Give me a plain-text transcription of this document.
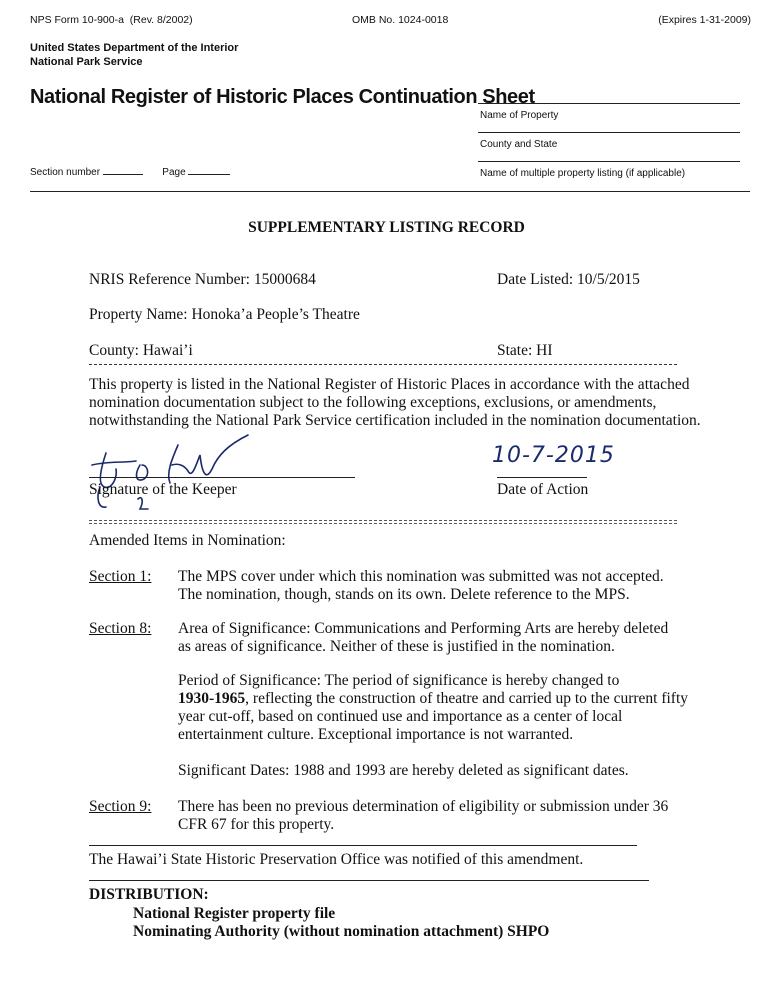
NPS Form 10-900-a (Rev. 8/2002)	OMB No. 1024-0018	(Expires 1-31-2009)
United States Department of the Interior
National Park Service
National Register of Historic Places Continuation Sheet
Name of Property
County and State
Name of multiple property listing (if applicable)
Section number	Page
SUPPLEMENTARY LISTING RECORD
NRIS Reference Number: 15000684	Date Listed: 10/5/2015
Property Name: Honoka’a People’s Theatre
County: Hawai’i	State: HI
This property is listed in the National Register of Historic Places in accordance with the attached
nomination documentation subject to the following exceptions, exclusions, or amendments,
notwithstanding the National Park Service certification included in the nomination documentation.
Signature of the Keeper
10-7-2015
Date of Action
Amended Items in Nomination:
Section 1: The MPS cover under which this nomination was submitted was not accepted.
The nomination, though, stands on its own. Delete reference to the MPS.
Section 8: Area of Significance: Communications and Performing Arts are hereby deleted
as areas of significance. Neither of these is justified in the nomination.
Period of Significance: The period of significance is hereby changed to
1930-1965, reflecting the construction of theatre and carried up to the current fifty
year cut-off, based on continued use and importance as a center of local
entertainment culture. Exceptional importance is not warranted.
Significant Dates: 1988 and 1993 are hereby deleted as significant dates.
Section 9: There has been no previous determination of eligibility or submission under 36
CFR 67 for this property.
The Hawai’i State Historic Preservation Office was notified of this amendment.
DISTRIBUTION:
National Register property file
Nominating Authority (without nomination attachment) SHPO
